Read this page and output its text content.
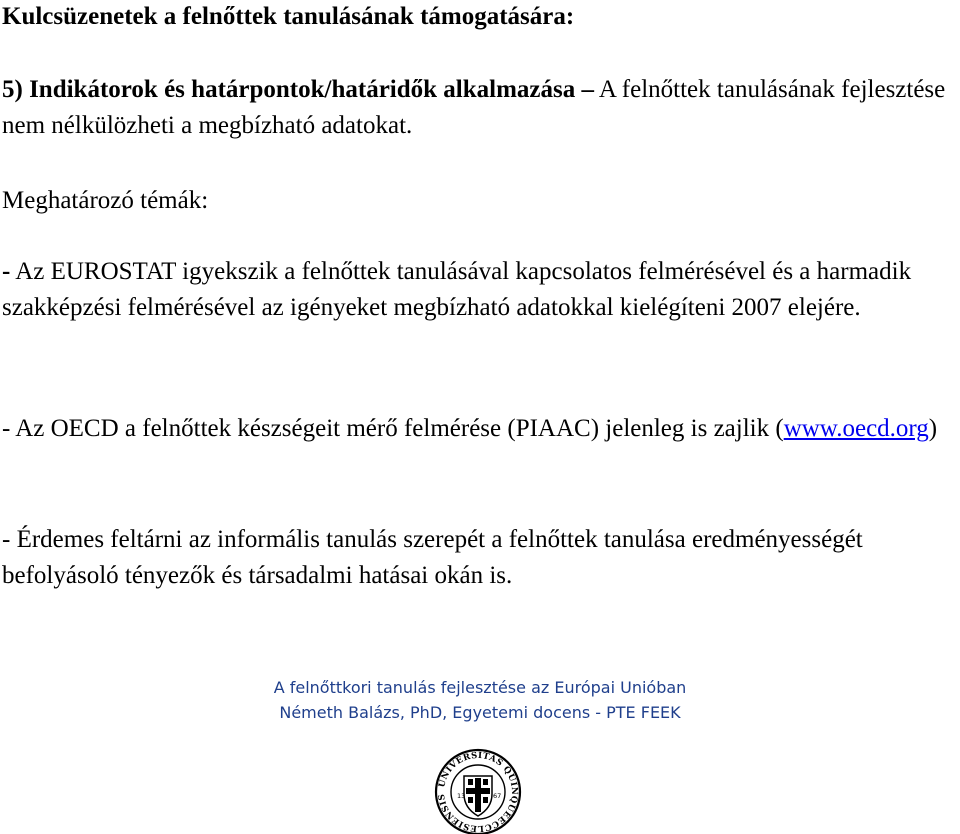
Kulcsüzenetek a felnőttek tanulásának támogatására:
5) Indikátorok és határpontok/határidők alkalmazása – A felnőttek tanulásának fejlesztése nem nélkülözheti a megbízható adatokat.
Meghatározó témák:
- Az EUROSTAT igyekszik a felnőttek tanulásával kapcsolatos felmérésével és a harmadik szakképzési felmérésével az igényeket megbízható adatokkal kielégíteni 2007 elejére.
- Az OECD a felnőttek készségeit mérő felmérése (PIAAC) jelenleg is zajlik (www.oecd.org)
- Érdemes feltárni az informális tanulás szerepét a felnőttek tanulása eredményességét befolyásoló tényezők és társadalmi hatásai okán is.
A felnőttkori tanulás fejlesztése az Európai Unióban
Németh Balázs, PhD, Egyetemi docens - PTE FEEK
UNIVERSITAS QUINQUEECCLESIENSIS	13	67
